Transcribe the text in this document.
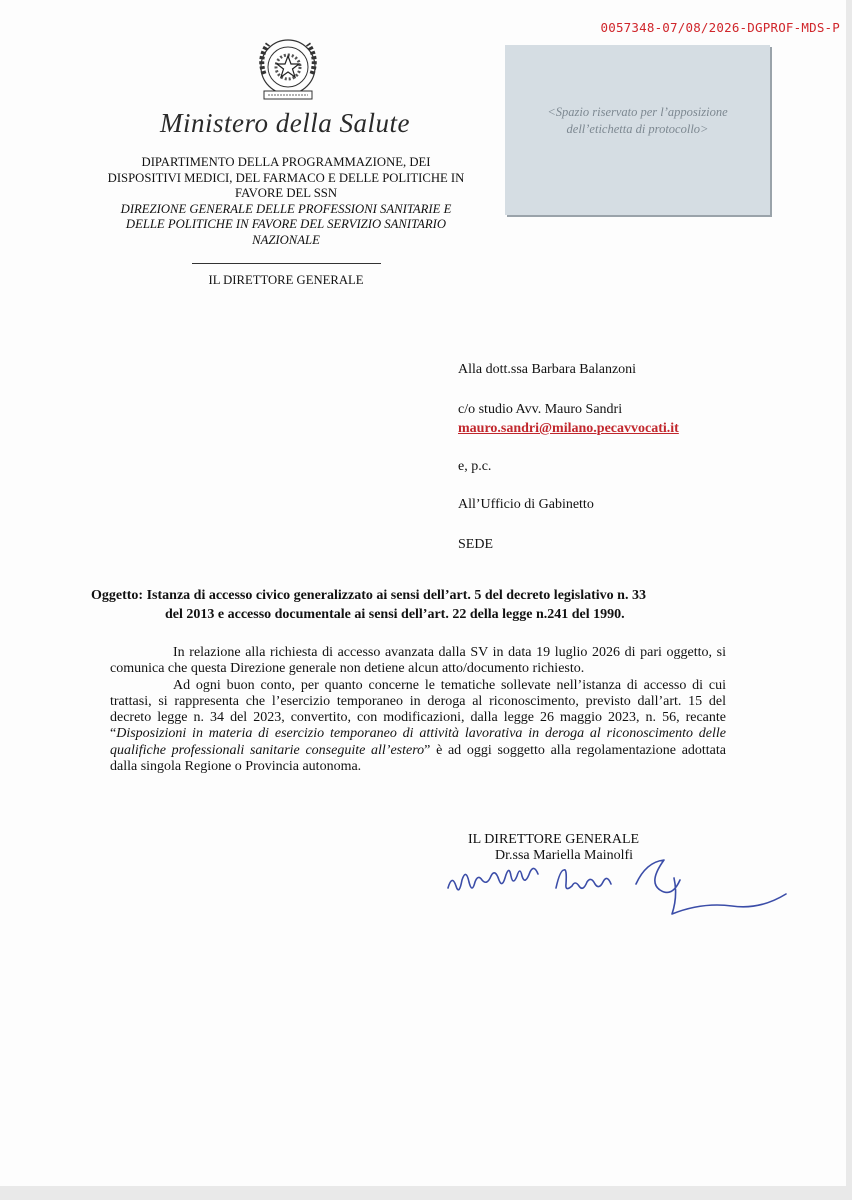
0057348-07/08/2026-DGPROF-MDS-P
<Spazio riservato per l’apposizione
dell’etichetta di protocollo>
Ministero della Salute
DIPARTIMENTO DELLA PROGRAMMAZIONE, DEI
DISPOSITIVI MEDICI, DEL FARMACO E DELLE POLITICHE IN
FAVORE DEL SSN
DIREZIONE GENERALE DELLE PROFESSIONI SANITARIE E
DELLE POLITICHE IN FAVORE DEL SERVIZIO SANITARIO
NAZIONALE
IL DIRETTORE GENERALE
Alla dott.ssa Barbara Balanzoni
c/o studio Avv. Mauro Sandri
mauro.sandri@milano.pecavvocati.it
e, p.c.
All’Ufficio di Gabinetto
SEDE
Oggetto: Istanza di accesso civico generalizzato ai sensi dell’art. 5 del decreto legislativo n. 33
del 2013 e accesso documentale ai sensi dell’art. 22 della legge n.241 del 1990.

In relazione alla richiesta di accesso avanzata dalla SV in data 19 luglio 2026 di pari oggetto, si comunica che questa Direzione generale non detiene alcun atto/documento richiesto.

Ad ogni buon conto, per quanto concerne le tematiche sollevate nell’istanza di accesso di cui trattasi, si rappresenta che l’esercizio temporaneo in deroga al riconoscimento, previsto dall’art. 15 del decreto legge n. 34 del 2023, convertito, con modificazioni, dalla legge 26 maggio 2023, n. 56, recante “Disposizioni in materia di esercizio temporaneo di attività lavorativa in deroga al riconoscimento delle qualifiche professionali sanitarie conseguite all’estero” è ad oggi soggetto alla regolamentazione adottata dalla singola Regione o Provincia autonoma.

IL DIRETTORE GENERALE
Dr.ssa Mariella Mainolfi
